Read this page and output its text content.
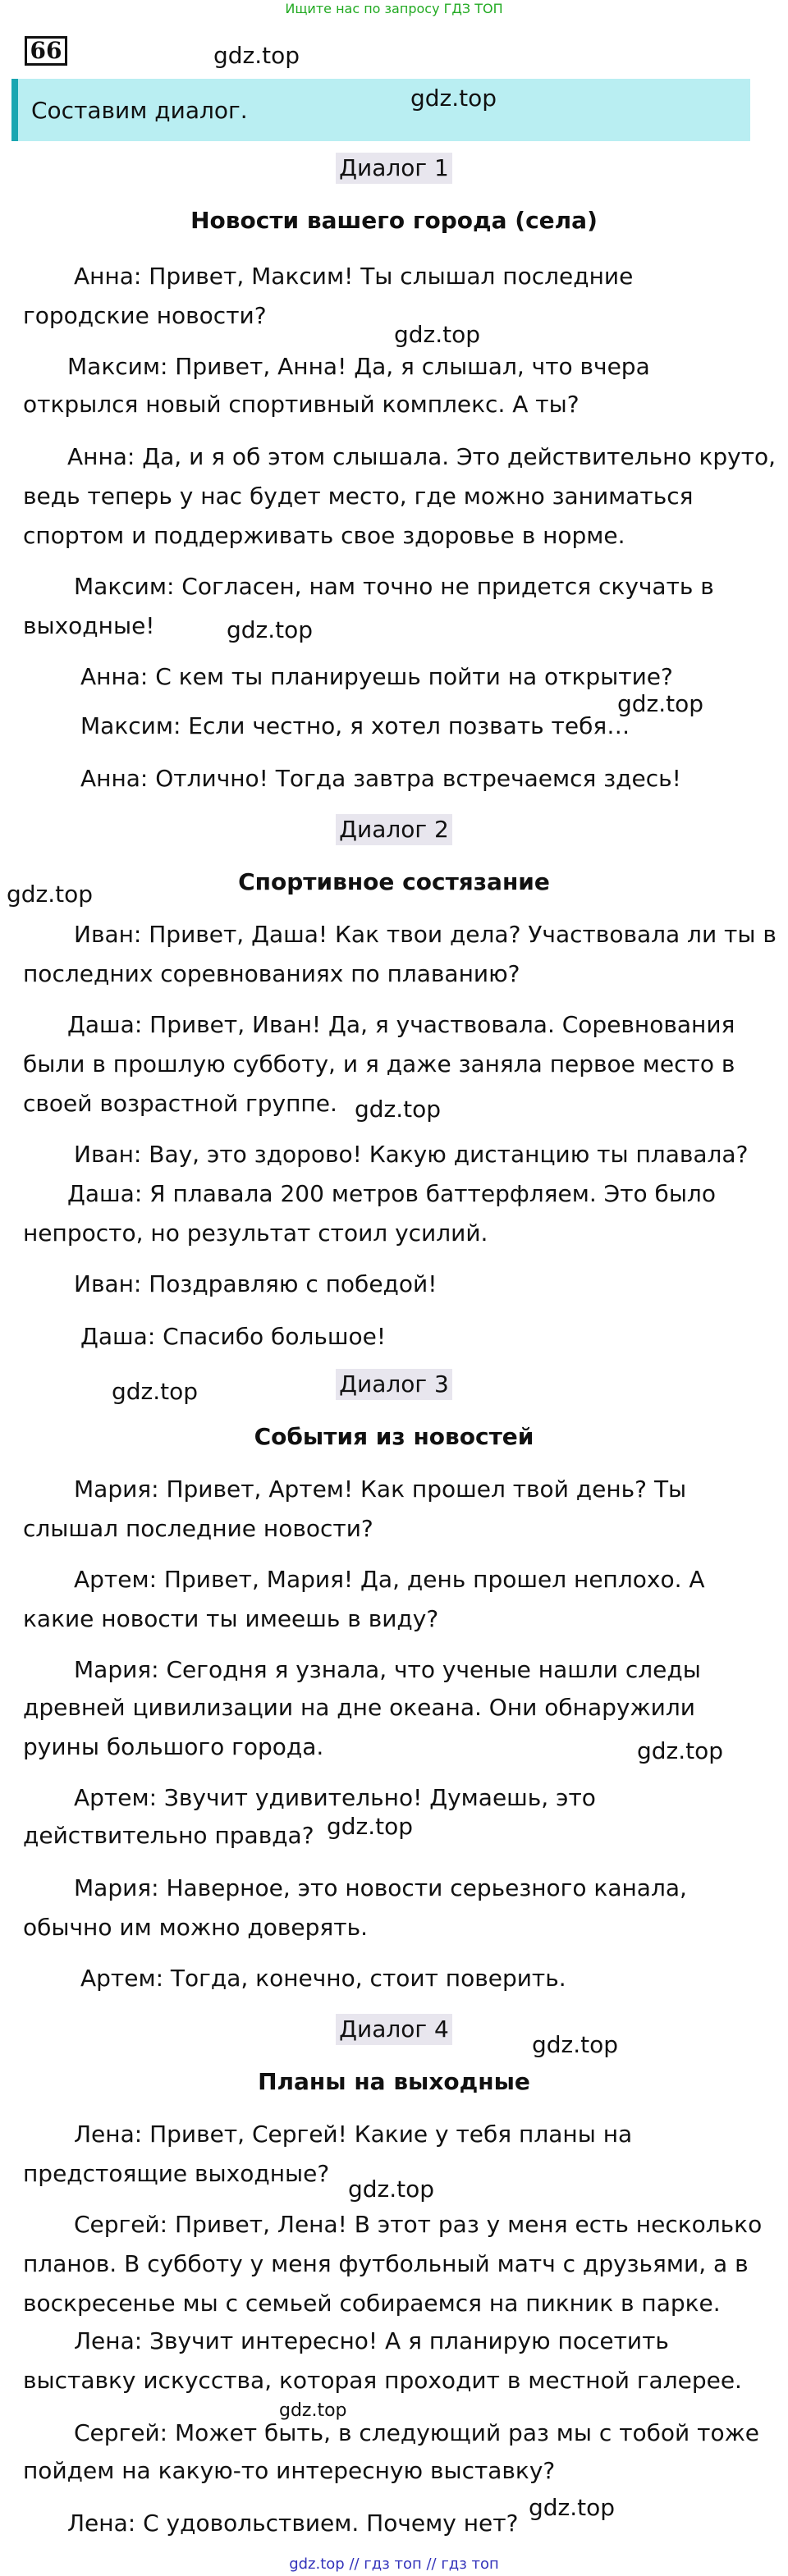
Ищите нас по запросу ГДЗ ТОП
66
Составим диалог.
Диалог 1
Новости вашего города (села)
Анна: Привет, Максим! Ты слышал последние
городские новости?
Максим: Привет, Анна! Да, я слышал, что вчера
открылся новый спортивный комплекс. А ты?
Анна: Да, и я об этом слышала. Это действительно круто,
ведь теперь у нас будет место, где можно заниматься
спортом и поддерживать свое здоровье в норме.
Максим: Согласен, нам точно не придется скучать в
выходные!
Анна: С кем ты планируешь пойти на открытие?
Максим: Если честно, я хотел позвать тебя…
Анна: Отлично! Тогда завтра встречаемся здесь!
Диалог 2
Спортивное состязание
Иван: Привет, Даша! Как твои дела? Участвовала ли ты в
последних соревнованиях по плаванию?
Даша: Привет, Иван! Да, я участвовала. Соревнования
были в прошлую субботу, и я даже заняла первое место в
своей возрастной группе.
Иван: Вау, это здорово! Какую дистанцию ты плавала?
Даша: Я плавала 200 метров баттерфляем. Это было
непросто, но результат стоил усилий.
Иван: Поздравляю с победой!
Даша: Спасибо большое!
Диалог 3
События из новостей
Мария: Привет, Артем! Как прошел твой день? Ты
слышал последние новости?
Артем: Привет, Мария! Да, день прошел неплохо. А
какие новости ты имеешь в виду?
Мария: Сегодня я узнала, что ученые нашли следы
древней цивилизации на дне океана. Они обнаружили
руины большого города.
Артем: Звучит удивительно! Думаешь, это
действительно правда?
Мария: Наверное, это новости серьезного канала,
обычно им можно доверять.
Артем: Тогда, конечно, стоит поверить.
Диалог 4
Планы на выходные
Лена: Привет, Сергей! Какие у тебя планы на
предстоящие выходные?
Сергей: Привет, Лена! В этот раз у меня есть несколько
планов. В субботу у меня футбольный матч с друзьями, а в
воскресенье мы с семьей собираемся на пикник в парке.
Лена: Звучит интересно! А я планирую посетить
выставку искусства, которая проходит в местной галерее.
Сергей: Может быть, в следующий раз мы с тобой тоже
пойдем на какую-то интересную выставку?
Лена: С удовольствием. Почему нет?
gdz.top
gdz.top
gdz.top
gdz.top
gdz.top
gdz.top
gdz.top
gdz.top
gdz.top
gdz.top
gdz.top
gdz.top
gdz.top
gdz.top
gdz.top // гдз топ // гдз топ
